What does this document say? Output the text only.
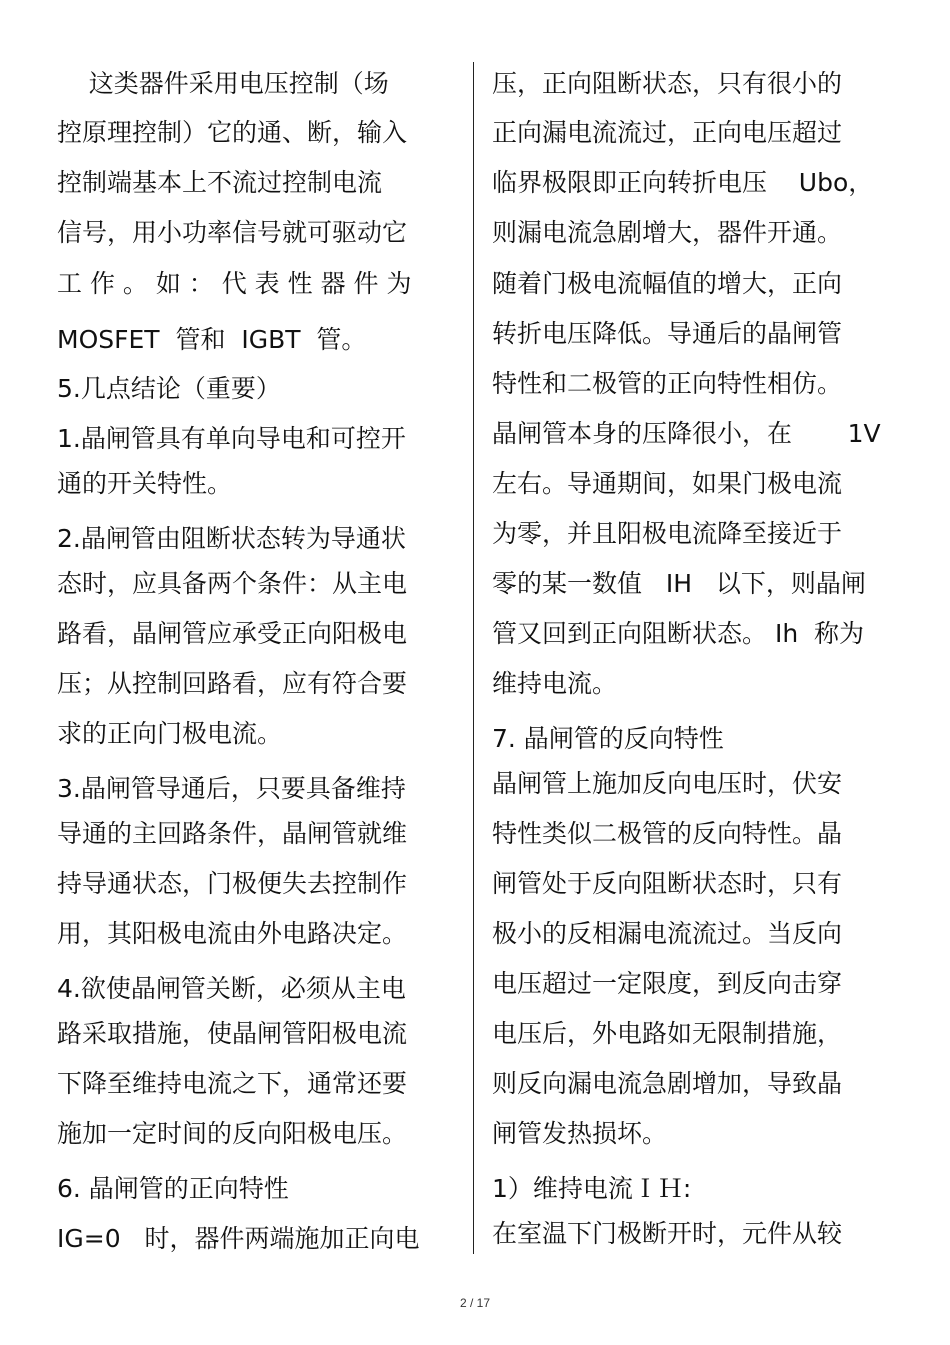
这类器件采用电压控制（场
控原理控制）它的通、断，输入
控制端基本上不流过控制电流
信号，用小功率信号就可驱动它
工 作 。 如 ： 代 表 性 器 件 为
MOSFET  管和  IGBT  管。
5.几点结论（重要）
1.晶闸管具有单向导电和可控开
通的开关特性。
2.晶闸管由阻断状态转为导通状
态时，应具备两个条件：从主电
路看，晶闸管应承受正向阳极电
压；从控制回路看，应有符合要
求的正向门极电流。
3.晶闸管导通后，只要具备维持
导通的主回路条件，晶闸管就维
持导通状态，门极便失去控制作
用，其阳极电流由外电路决定。
4.欲使晶闸管关断，必须从主电
路采取措施，使晶闸管阳极电流
下降至维持电流之下，通常还要
施加一定时间的反向阳极电压。
6. 晶闸管的正向特性
IG=0   时，器件两端施加正向电
压，正向阻断状态，只有很小的
正向漏电流流过，正向电压超过
临界极限即正向转折电压    Ubo，
则漏电流急剧增大，器件开通。
随着门极电流幅值的增大，正向
转折电压降低。导通后的晶闸管
特性和二极管的正向特性相仿。
晶闸管本身的压降很小，在       1V
左右。导通期间，如果门极电流
为零，并且阳极电流降至接近于
零的某一数值   IH   以下，则晶闸
管又回到正向阻断状态。 Ih  称为
维持电流。
7. 晶闸管的反向特性
晶闸管上施加反向电压时，伏安
特性类似二极管的反向特性。晶
闸管处于反向阻断状态时，只有
极小的反相漏电流流过。当反向
电压超过一定限度，到反向击穿
电压后，外电路如无限制措施，
则反向漏电流急剧增加，导致晶
闸管发热损坏。
1）维持电流ＩＨ:
在室温下门极断开时，元件从较
2 / 17
